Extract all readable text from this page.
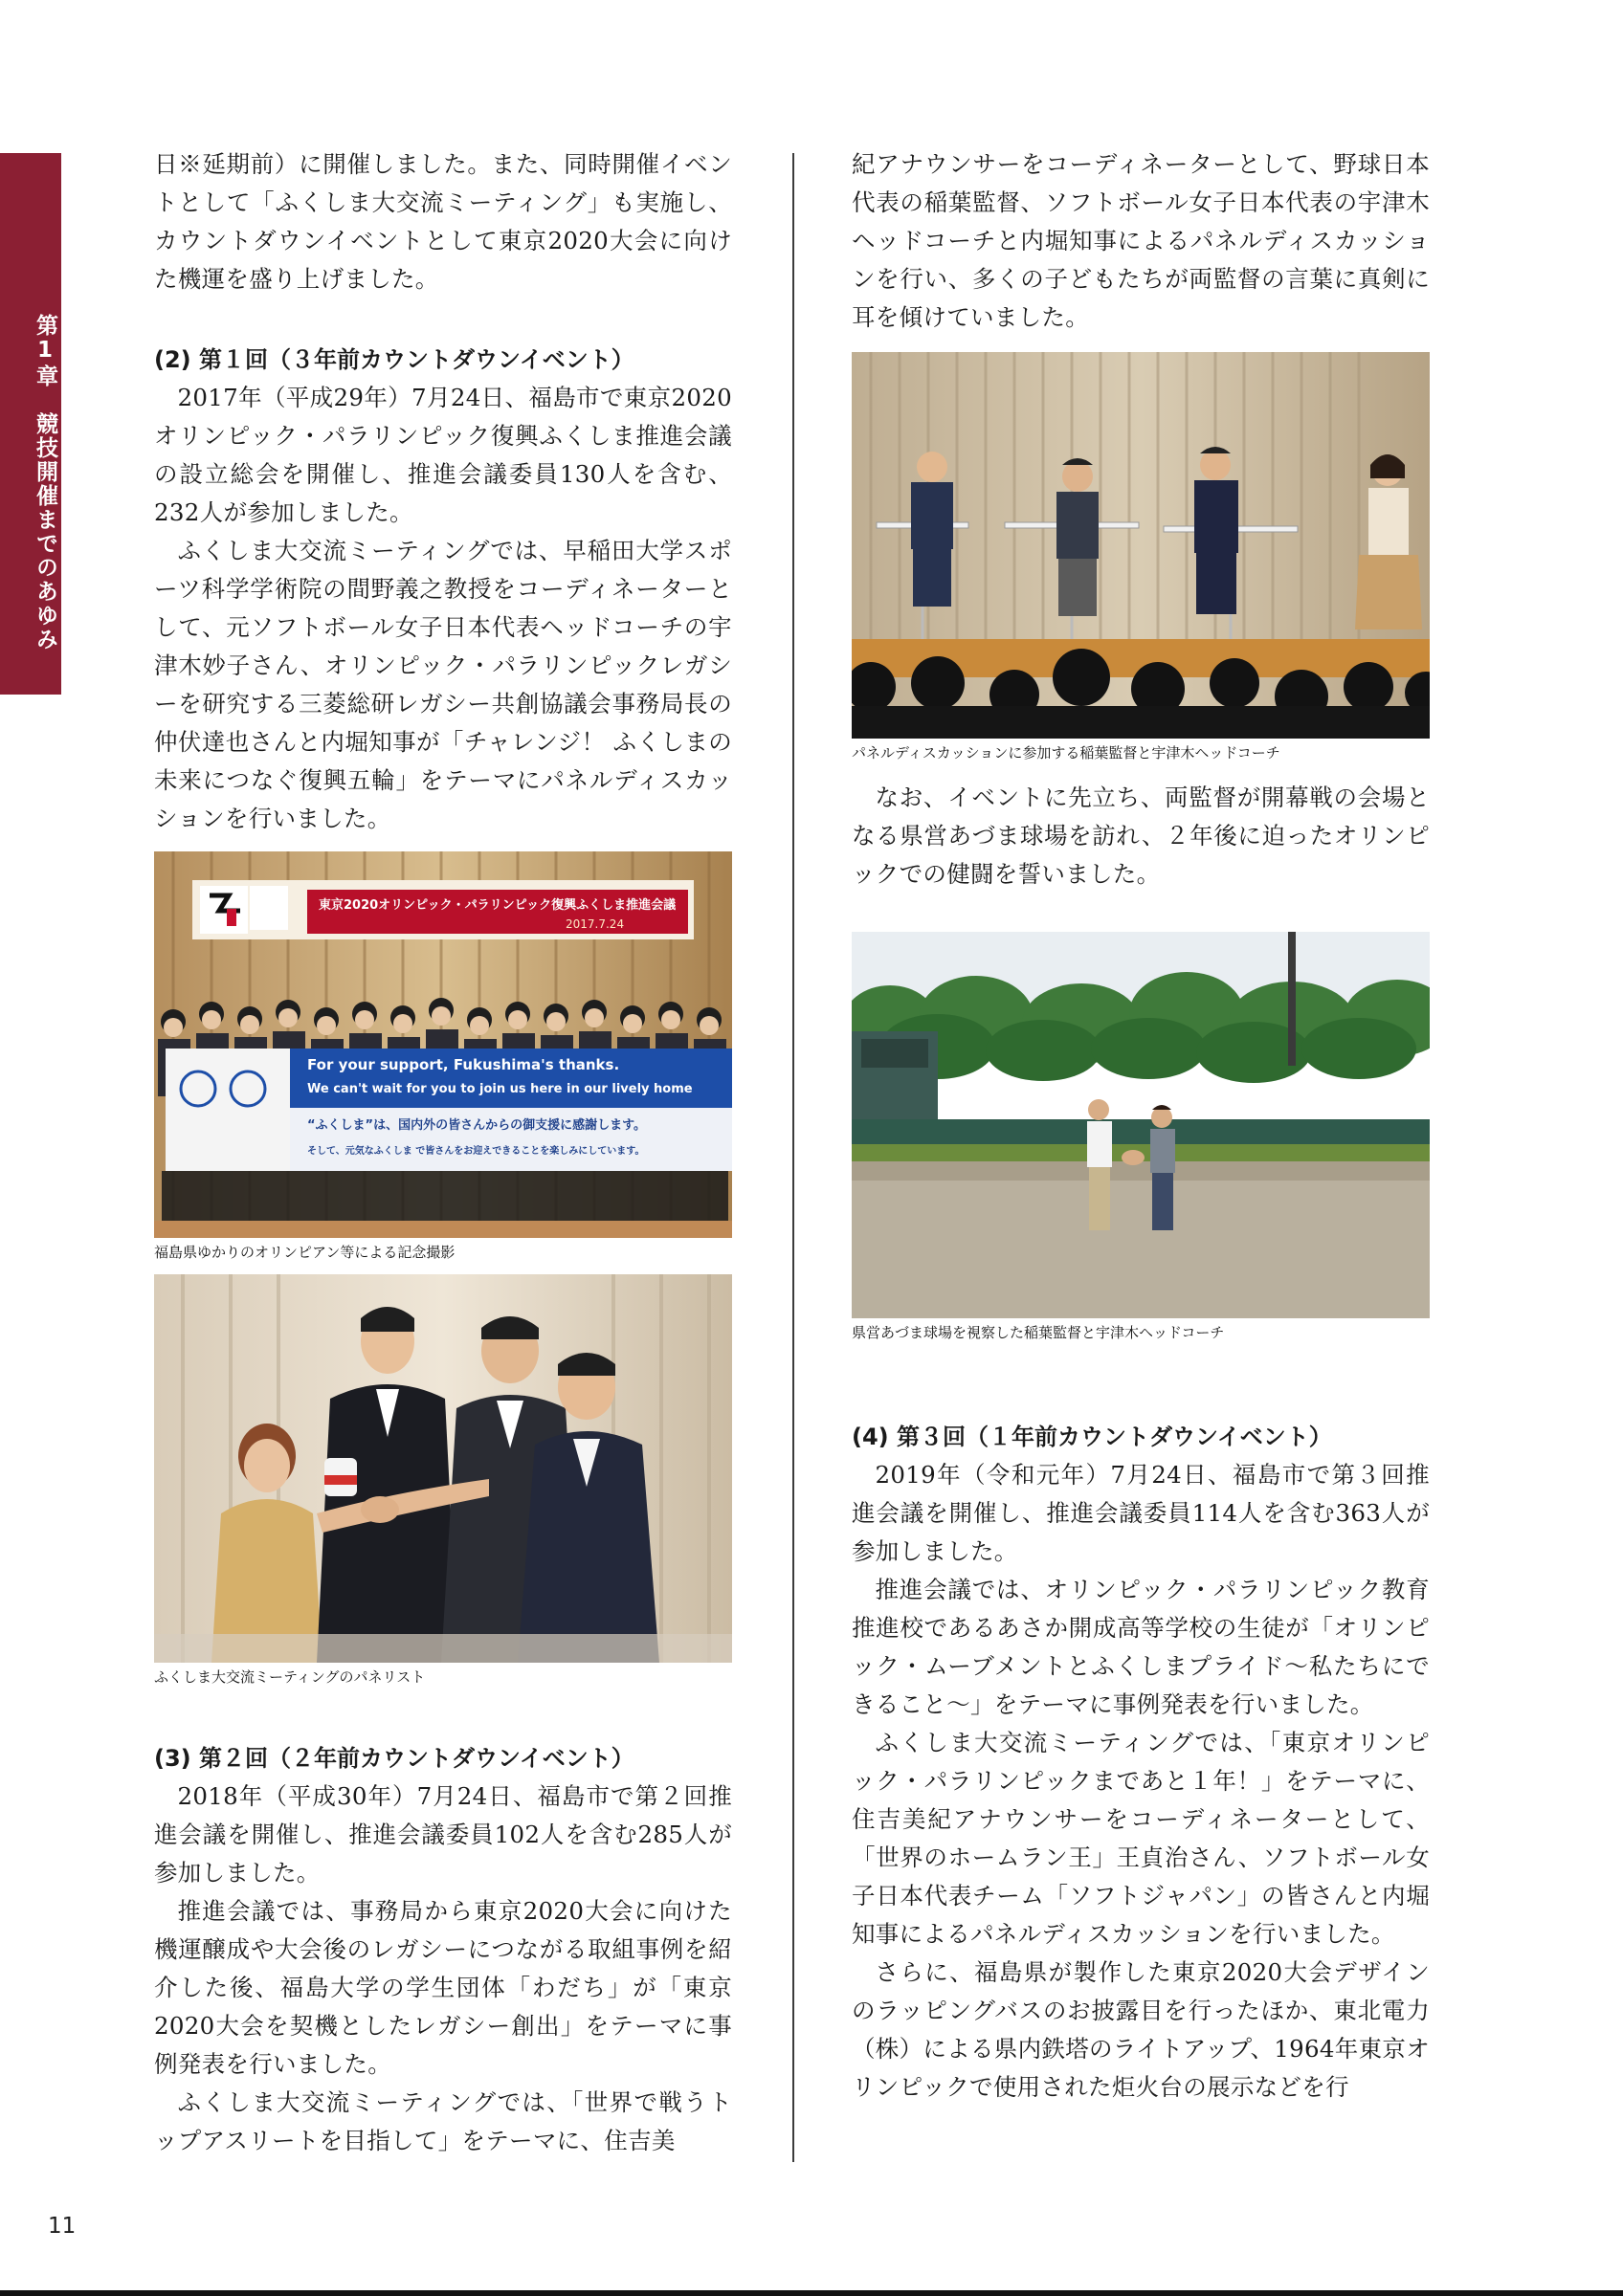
第1章　競技開催までのあゆみ

日※延期前）に開催しました。また、同時開催イベントとして「ふくしま大交流ミーティング」も実施し、カウントダウンイベントとして東京2020大会に向けた機運を盛り上げました。

(2) 第１回（３年前カウントダウンイベント）

2017年（平成29年）7月24日、福島市で東京2020オリンピック・パラリンピック復興ふくしま推進会議の設立総会を開催し、推進会議委員130人を含む、232人が参加しました。

ふくしま大交流ミーティングでは、早稲田大学スポーツ科学学術院の間野義之教授をコーディネーターとして、元ソフトボール女子日本代表ヘッドコーチの宇津木妙子さん、オリンピック・パラリンピックレガシーを研究する三菱総研レガシー共創協議会事務局長の仲伏達也さんと内堀知事が「チャレンジ！ ふくしまの未来につなぐ復興五輪」をテーマにパネルディスカッションを行いました。

東京2020オリンピック・パラリンピック復興ふくしま推進会議
2017.7.24
For your support, Fukushima's thanks.
We can't wait for you to join us here in our lively home
“ふくしま”は、国内外の皆さんからの御支援に感謝します。
そして、元気なふくしま で皆さんをお迎えできることを楽しみにしています。

福島県ゆかりのオリンピアン等による記念撮影

ふくしま大交流ミーティングのパネリスト

(3) 第２回（２年前カウントダウンイベント）

2018年（平成30年）7月24日、福島市で第２回推進会議を開催し、推進会議委員102人を含む285人が参加しました。

推進会議では、事務局から東京2020大会に向けた機運醸成や大会後のレガシーにつながる取組事例を紹介した後、福島大学の学生団体「わだち」が「東京2020大会を契機としたレガシー創出」をテーマに事例発表を行いました。

ふくしま大交流ミーティングでは、「世界で戦うトップアスリートを目指して」をテーマに、住吉美

紀アナウンサーをコーディネーターとして、野球日本代表の稲葉監督、ソフトボール女子日本代表の宇津木ヘッドコーチと内堀知事によるパネルディスカッションを行い、多くの子どもたちが両監督の言葉に真剣に耳を傾けていました。

パネルディスカッションに参加する稲葉監督と宇津木ヘッドコーチ

なお、イベントに先立ち、両監督が開幕戦の会場となる県営あづま球場を訪れ、２年後に迫ったオリンピックでの健闘を誓いました。

県営あづま球場を視察した稲葉監督と宇津木ヘッドコーチ

(4) 第３回（１年前カウントダウンイベント）

2019年（令和元年）7月24日、福島市で第３回推進会議を開催し、推進会議委員114人を含む363人が参加しました。

推進会議では、オリンピック・パラリンピック教育推進校であるあさか開成高等学校の生徒が「オリンピック・ムーブメントとふくしまプライド～私たちにできること～」をテーマに事例発表を行いました。

ふくしま大交流ミーティングでは、「東京オリンピック・パラリンピックまであと１年！」をテーマに、住吉美紀アナウンサーをコーディネーターとして、「世界のホームラン王」王貞治さん、ソフトボール女子日本代表チーム「ソフトジャパン」の皆さんと内堀知事によるパネルディスカッションを行いました。

さらに、福島県が製作した東京2020大会デザインのラッピングバスのお披露目を行ったほか、東北電力（株）による県内鉄塔のライトアップ、1964年東京オリンピックで使用された炬火台の展示などを行

11
